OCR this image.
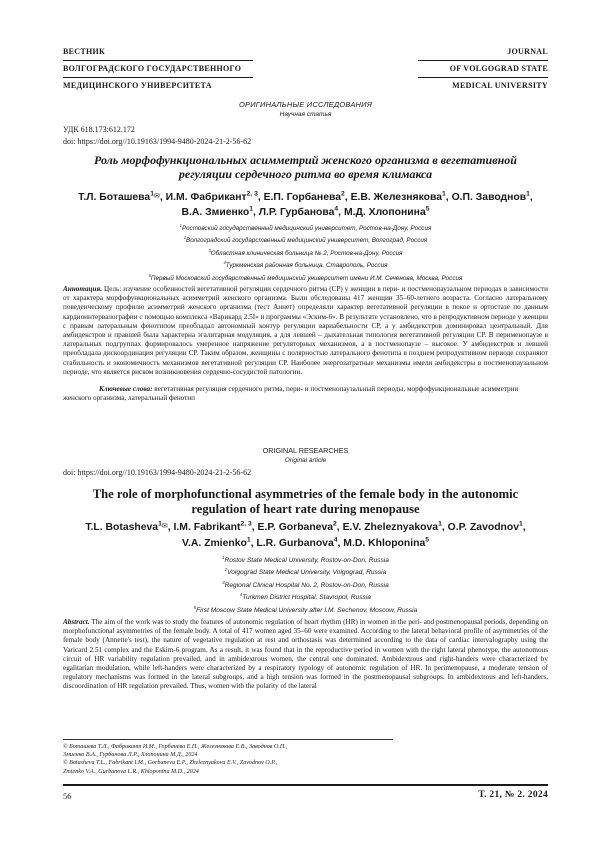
ВЕСТНИК
ВОЛГОГРАДСКОГО ГОСУДАРСТВЕННОГО
МЕДИЦИНСКОГО УНИВЕРСИТЕТА
JOURNAL
OF VOLGOGRAD STATE
MEDICAL UNIVERSITY
ОРИГИНАЛЬНЫЕ ИССЛЕДОВАНИЯ
Научная статья
УДК 618.173:612.172
doi: https://doi.org//10.19163/1994-9480-2024-21-2-56-62
Роль морфофункциональных асимметрий женского организма в вегетативной регуляции сердечного ритма во время климакса
Т.Л. Боташева$^1$✉, И.М. Фабрикант$^{2, 3}$, Е.П. Горбанева$^2$, Е.В. Железнякова$^1$, О.П. Заводнов$^1$,
В.А. Змиенко$^1$, Л.Р. Гурбанова$^4$, М.Д. Хлопонина$^5$
$^1$Ростовский государственный медицинский университет, Ростов-на-Дону, Россия
$^2$Волгоградский государственный медицинский университет, Волгоград, Россия
$^3$Областная клиническая больница № 2, Ростов-на-Дону, Россия
$^4$Туркменская районная больница, Ставрополь, Россия
$^5$Первый Московский государственный медицинский университет имени И.М. Сеченова, Москва, Россия
Аннотация. Цель: изучение особенностей вегетативной регуляции сердечного ритма (СР) у женщин в пери- и постменопаузальном периодах в зависимости от характера морфофункциональных асимметрий женского организма. Были обследованы 417 женщин 35–60-летнего возраста. Согласно латеральному поведенческому профилю асимметрий женского организма (тест Аннет) определяли характер вегетативной регуляции в покое и ортостазе по данным кардиоинтервалографии с помощью комплекса «Варикард 2.5I» и программы «Эским-6». В результате установлено, что в репродуктивном периоде у женщин с правым латеральным фенотипом преобладал автономный контур регуляции вариабельности СР, а у амбидекстров доминировал центральный. Для амбидекстров и правшей была характерна эгалитарная модуляция, а для левшей – дыхательная типология вегетативной регуляции СР. В перименопаузе в латеральных подгруппах формировалось умеренное напряжение регуляторных механизмов, а в постменопаузе – высокое. У амбидекстров и левшей преобладала дискоординация регуляции СР. Таким образом, женщины с полярностью латерального фенотипа в позднем репродуктивном периоде сохраняют стабильность и экономичность механизмов вегетативной регуляции СР. Наиболее энергозатратные механизмы имели амбидекстры в постменопаузальном периоде, что является риском возникновения сердечно-сосудистой патологии.
Ключевые слова: вегетативная регуляция сердечного ритма, пери- и постменопаузальный периоды, морфофункциональные асимметрии женского организма, латеральный фенотип
ORIGINAL RESEARCHES
Original article
doi: https://doi.org//10.19163/1994-9480-2024-21-2-56-62
The role of morphofunctional asymmetries of the female body in the autonomic regulation of heart rate during menopause
T.L. Botasheva$^1$✉, I.M. Fabrikant$^{2, 3}$, E.P. Gorbaneva$^2$, E.V. Zheleznyakova$^1$, O.P. Zavodnov$^1$,
V.A. Zmienko$^1$, L.R. Gurbanova$^4$, M.D. Khloponina$^5$
$^1$Rostov State Medical University, Rostov-on-Don, Russia
$^2$Volgograd State Medical University, Volgograd, Russia
$^3$Regional Clinical Hospital No. 2, Rostov-on-Don, Russia
$^4$Turkmen District Hospital, Stavropol, Russia
$^5$First Moscow State Medical University after I.M. Sechenov, Moscow, Russia
Abstract. The aim of the work was to study the features of autonomic regulation of heart rhythm (HR) in women in the peri- and postmenopausal periods, depending on morphofunctional asymmetries of the female body. A total of 417 women aged 35–60 were examined. According to the lateral behavioral profile of asymmetries of the female body (Annette's test), the nature of vegetative regulation at rest and orthostasis was determined according to the data of cardiac intervalography using the Varicard 2.51 complex and the Eskim-6 program. As a result, it was found that in the reproductive period in women with the right lateral phenotype, the autonomous circuit of HR variability regulation prevailed, and in ambidextrous women, the central one dominated. Ambidextrous and right-handers were characterized by egalitarian modulation, while left-handers were characterized by a respiratory typology of autonomic regulation of HR. In perimenopause, a moderate tension of regulatory mechanisms was formed in the lateral subgroups, and a high tension was formed in the postmenopausal subgroups. In ambidextrous and left-handers, discoordination of HR regulation prevailed. Thus, women with the polarity of the lateral
© Боташева Т.Л., Фабрикант И.М., Горбанева Е.П., Железнякова Е.В., Заводнов О.П.,
Змиенко В.А., Гурбанова Л.Р., Хлопонина М.Д., 2024
© Botasheva T.L., Fabrikant I.M., Gorbaneva E.P., Zheleznyakova E.V., Zavodnov O.P.,
Zmienko V.A., Gurbanova L.R., Khloponina M.D., 2024
56	Т. 21, № 2. 2024
